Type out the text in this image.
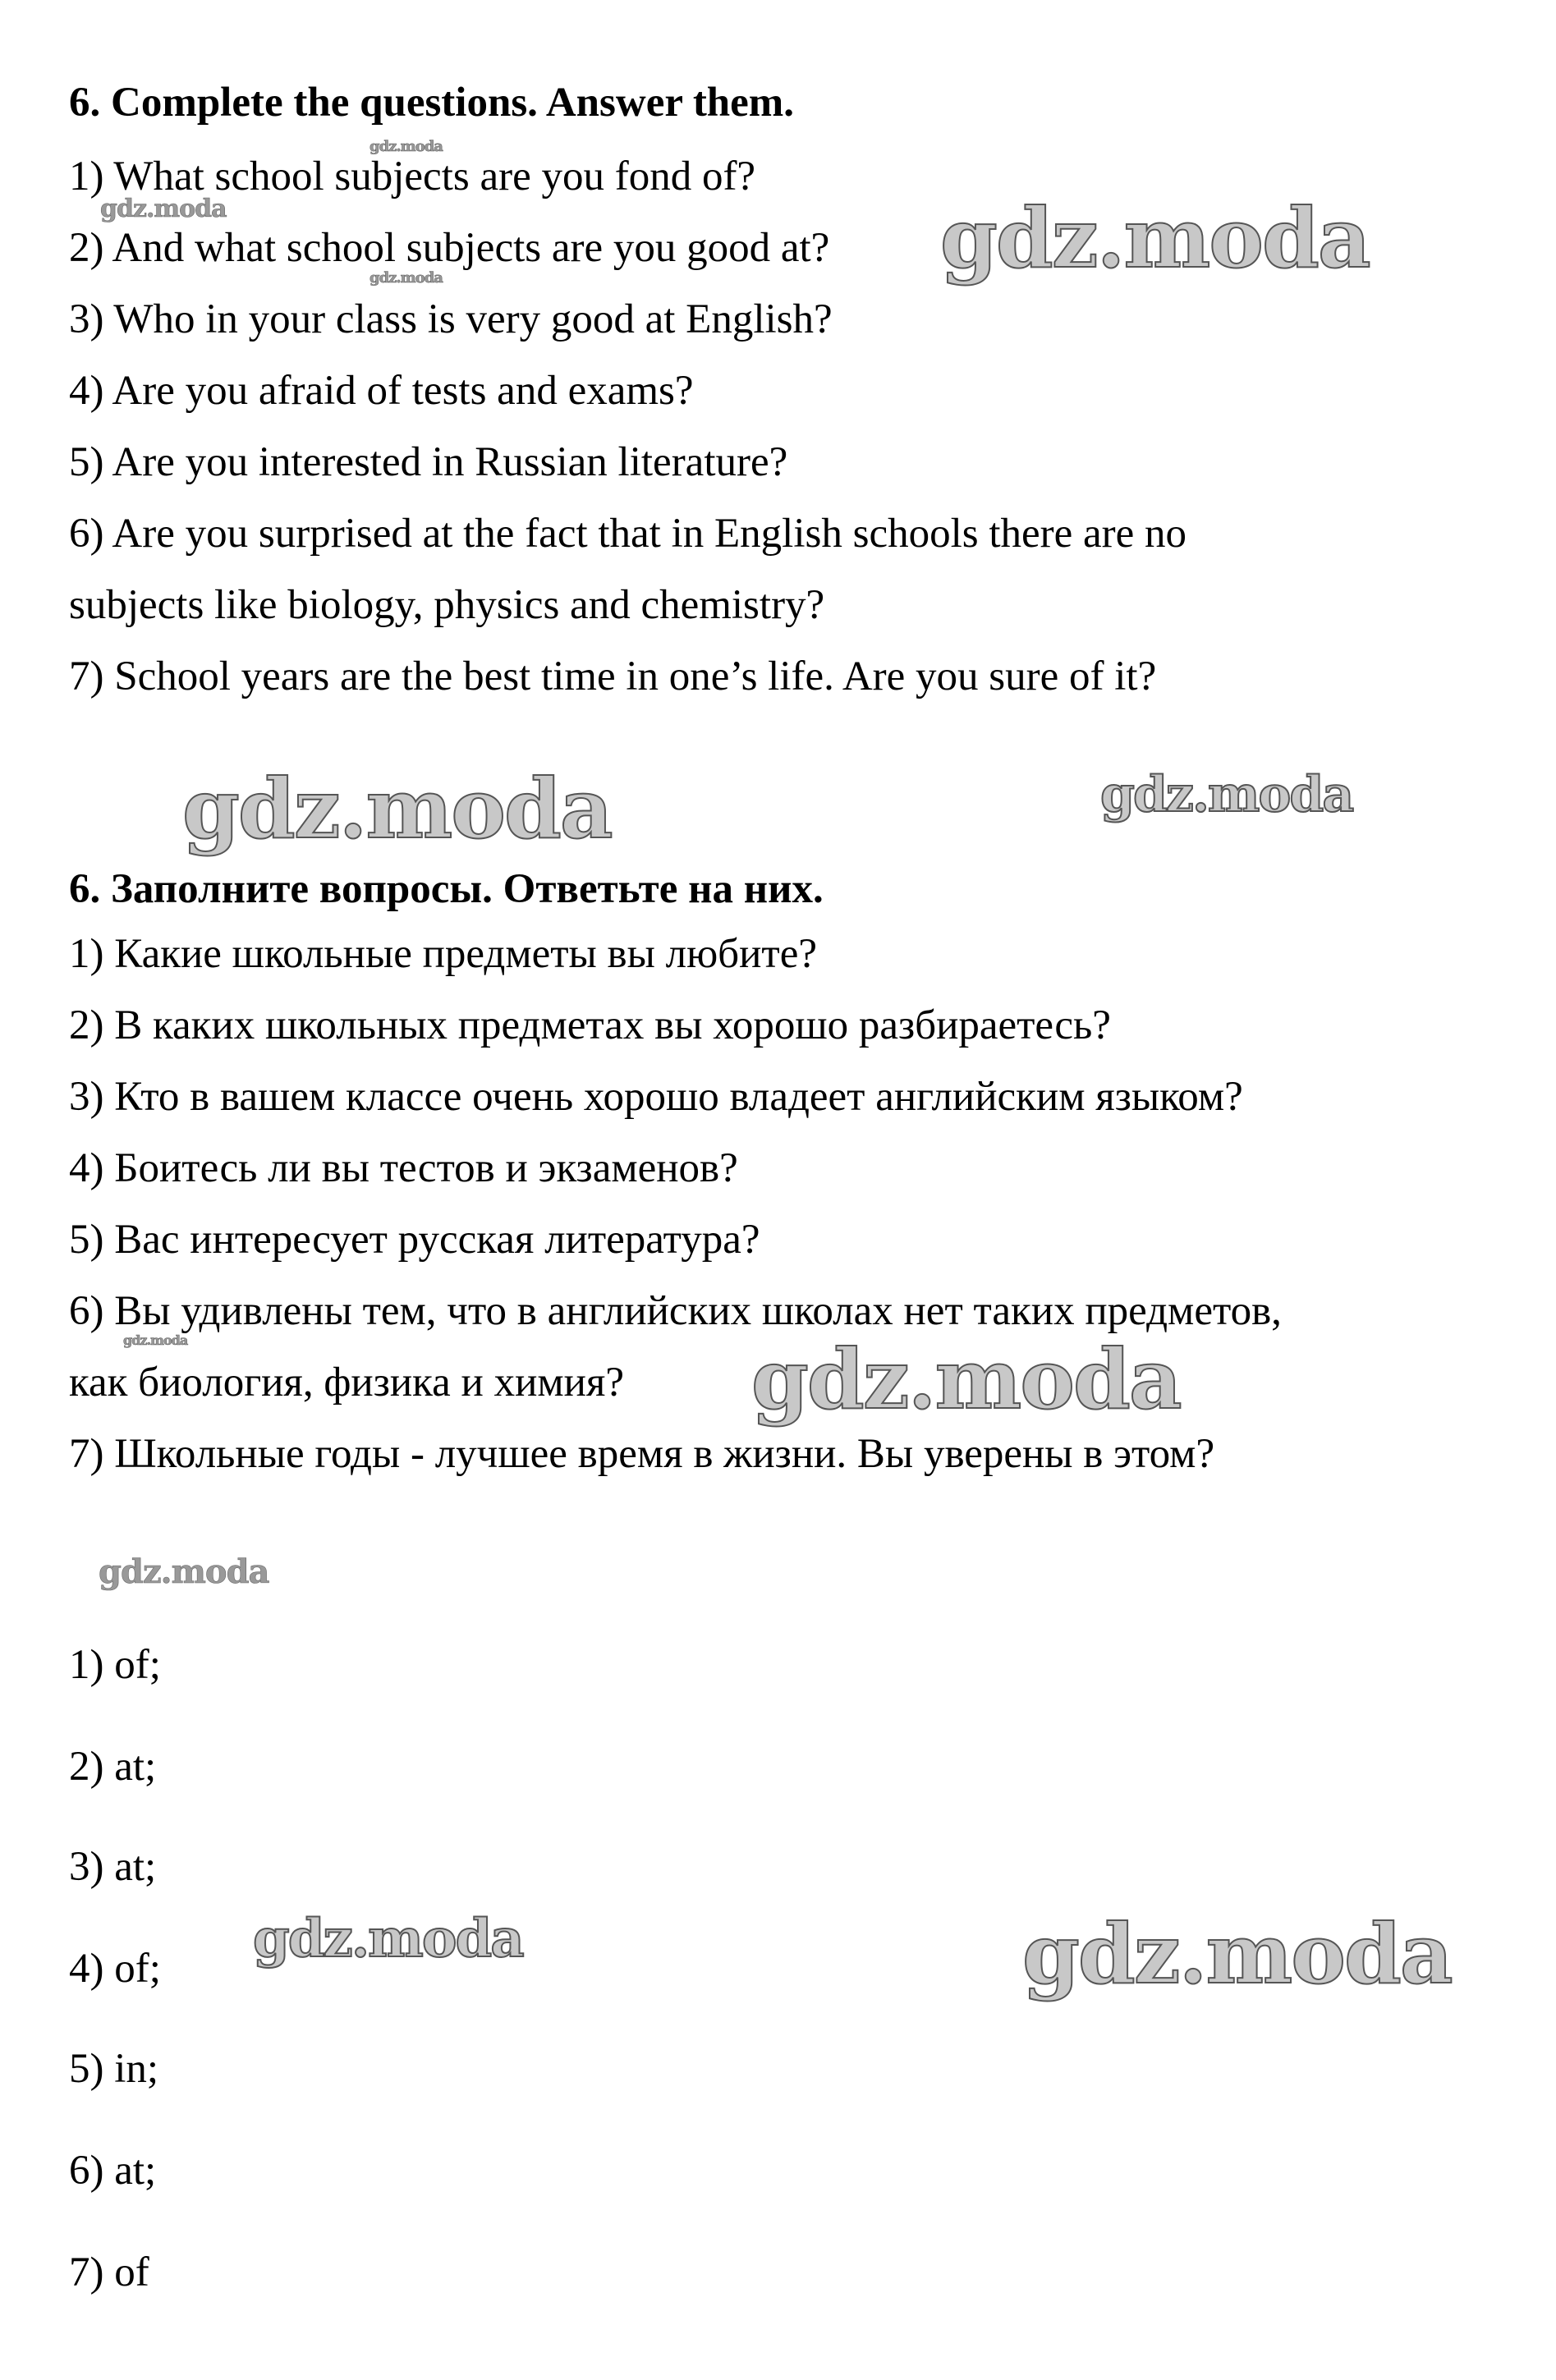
6. Complete the questions. Answer them.
1) What school subjects are you fond of?
2) And what school subjects are you good at?
3) Who in your class is very good at English?
4) Are you afraid of tests and exams?
5) Are you interested in Russian literature?
6) Are you surprised at the fact that in English schools there are no
subjects like biology, physics and chemistry?
7) School years are the best time in one’s life. Are you sure of it?
6. Заполните вопросы. Ответьте на них.
1) Какие школьные предметы вы любите?
2) В каких школьных предметах вы хорошо разбираетесь?
3) Кто в вашем классе очень хорошо владеет английским языком?
4) Боитесь ли вы тестов и экзаменов?
5) Вас интересует русская литература?
6) Вы удивлены тем, что в английских школах нет таких предметов,
как биология, физика и химия?
7) Школьные годы - лучшее время в жизни. Вы уверены в этом?
1) of;
2) at;
3) at;
4) of;
5) in;
6) at;
7) of
gdz.moda
gdz.moda
gdz.moda	gdz.moda
gdz.moda	gdz.moda
gdz.moda	gdz.moda
gdz.moda
gdz.moda	gdz.moda
